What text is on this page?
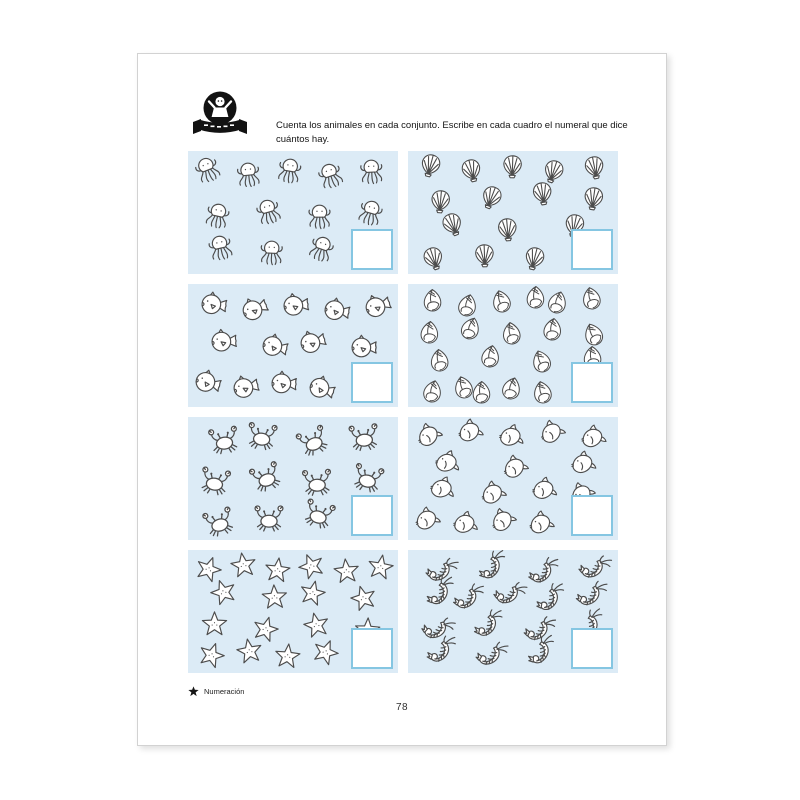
Cuenta los animales en cada conjunto. Escribe en cada cuadro el numeral que dice cuántos hay.

Numeración
78
